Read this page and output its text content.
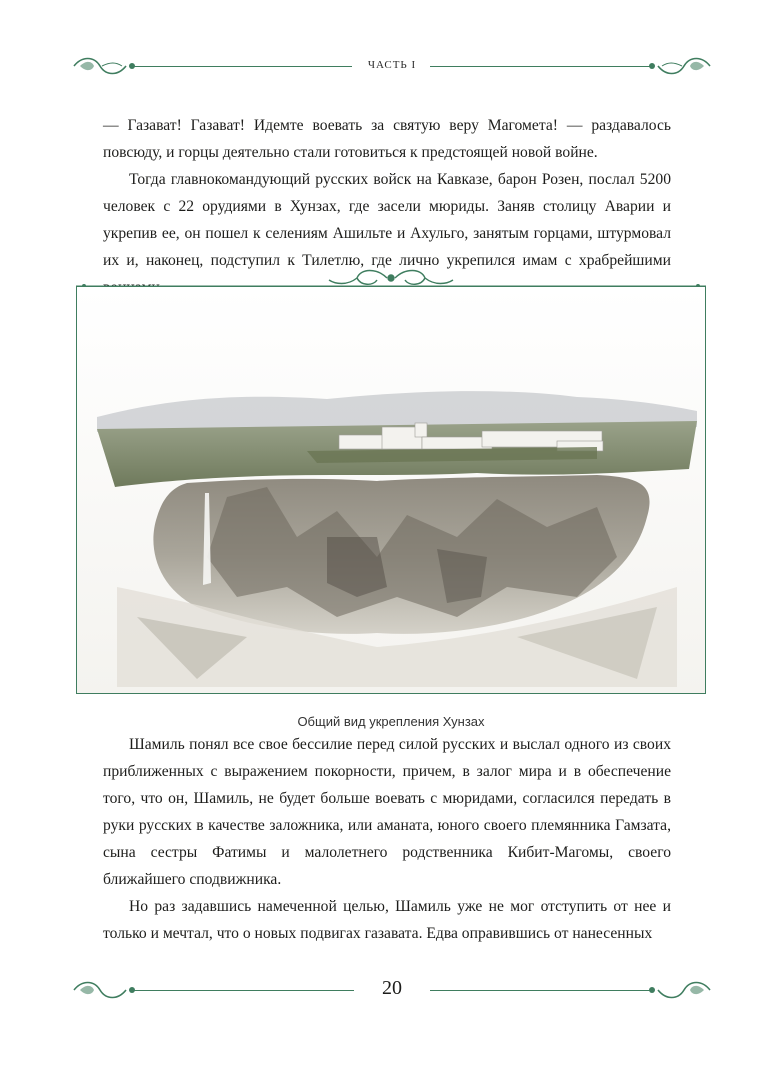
ЧАСТЬ I

— Газават! Газават! Идемте воевать за святую веру Магомета! — раздавалось повсюду, и горцы деятельно стали готовиться к предстоящей новой войне.

Тогда главнокомандующий русских войск на Кавказе, барон Розен, послал 5200 человек с 22 орудиями в Хунзах, где засели мюриды. Заняв столицу Аварии и укрепив ее, он пошел к селениям Ашильте и Ахульго, занятым горцами, штурмовал их и, наконец, подступил к Тилетлю, где лично укрепился имам с храбрейшими

Общий вид укрепления Хунзах

Шамиль понял все свое бессилие перед силой русских и выслал одного из своих приближенных с выражением покорности, причем, в залог мира и в обеспечение того, что он, Шамиль, не будет больше воевать с мюридами, согласился передать в руки русских в качестве заложника, или аманата, юного своего племянника Гамзата, сына сестры Фатимы и малолетнего родственника Кибит-Магомы, своего ближайшего сподвижника.

Но раз задавшись намеченной целью, Шамиль уже не мог отступить от нее и только и мечтал, что о новых подвигах газавата. Едва оправившись от нанесенных

20
